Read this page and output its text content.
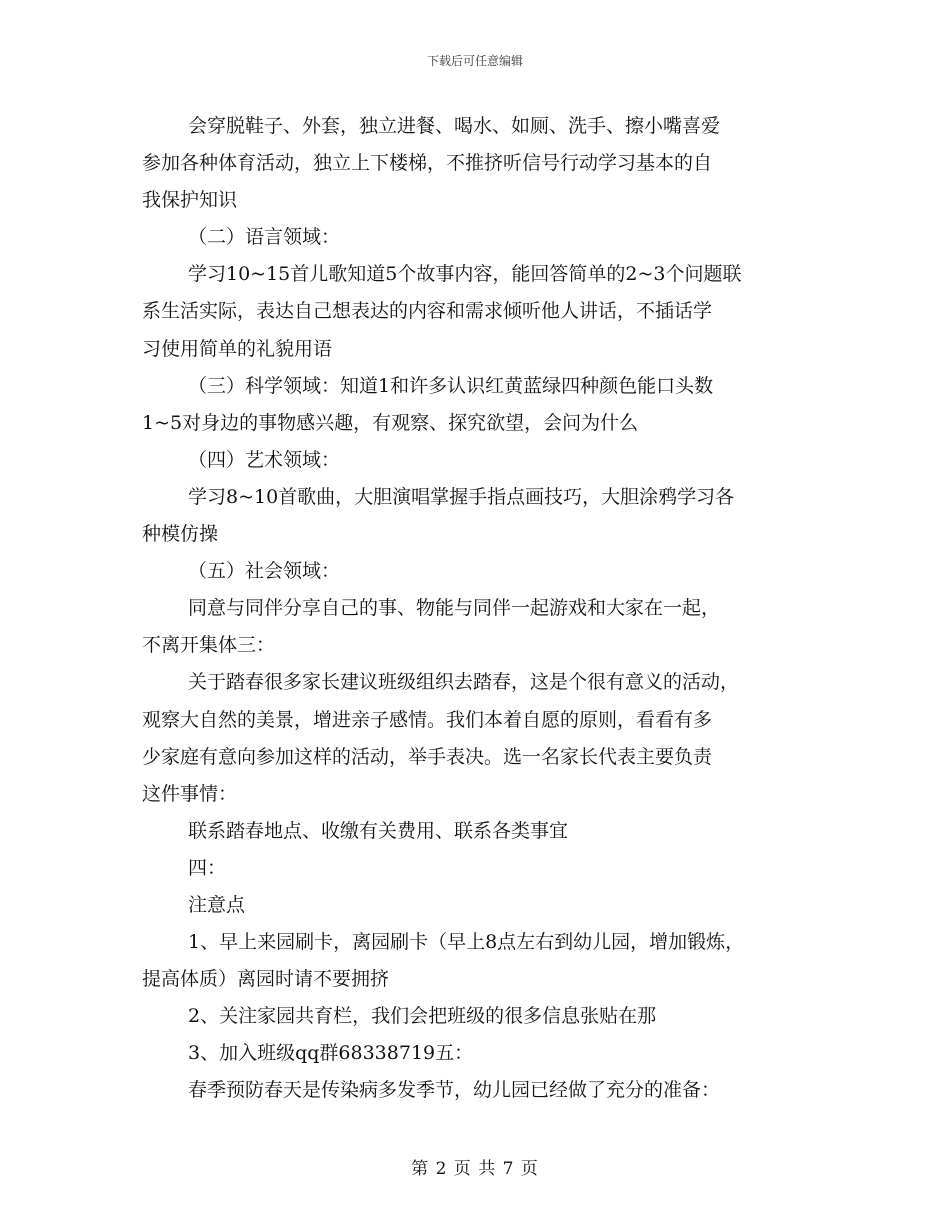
下载后可任意编辑
会穿脱鞋子、外套，独立进餐、喝水、如厕、洗手、擦小嘴喜爱
参加各种体育活动，独立上下楼梯，不推挤听信号行动学习基本的自
我保护知识
（二）语言领域：
学习10~15首儿歌知道5个故事内容，能回答简单的2~3个问题联
系生活实际，表达自己想表达的内容和需求倾听他人讲话，不插话学
习使用简单的礼貌用语
（三）科学领域：知道1和许多认识红黄蓝绿四种颜色能口头数
1~5对身边的事物感兴趣，有观察、探究欲望，会问为什么
（四）艺术领域：
学习8~10首歌曲，大胆演唱掌握手指点画技巧，大胆涂鸦学习各
种模仿操
（五）社会领域：
同意与同伴分享自己的事、物能与同伴一起游戏和大家在一起，
不离开集体三：
关于踏春很多家长建议班级组织去踏春，这是个很有意义的活动，
观察大自然的美景，增进亲子感情。我们本着自愿的原则，看看有多
少家庭有意向参加这样的活动，举手表决。选一名家长代表主要负责
这件事情：
联系踏春地点、收缴有关费用、联系各类事宜
四：
注意点
1、早上来园刷卡，离园刷卡（早上8点左右到幼儿园，增加锻炼，
提高体质）离园时请不要拥挤
2、关注家园共育栏，我们会把班级的很多信息张贴在那
3、加入班级qq群68338719五：
春季预防春天是传染病多发季节，幼儿园已经做了充分的准备：
第 2 页 共 7 页
